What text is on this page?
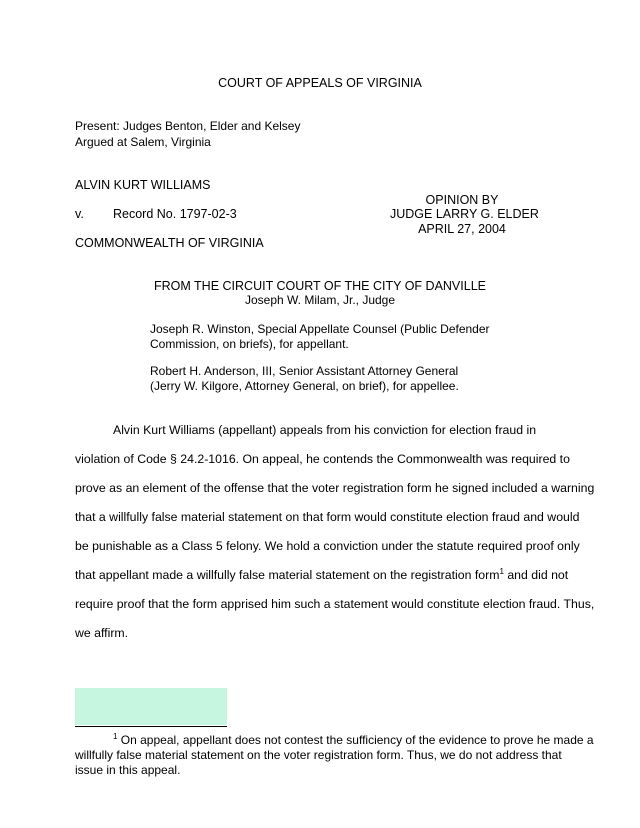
COURT OF APPEALS OF VIRGINIA
Present: Judges Benton, Elder and Kelsey
Argued at Salem, Virginia
ALVIN KURT WILLIAMS
OPINION BY
v. Record No. 1797-02-3	JUDGE LARRY G. ELDER
APRIL 27, 2004
COMMONWEALTH OF VIRGINIA
FROM THE CIRCUIT COURT OF THE CITY OF DANVILLE
Joseph W. Milam, Jr., Judge
Joseph R. Winston, Special Appellate Counsel (Public Defender
Commission, on briefs), for appellant.
Robert H. Anderson, III, Senior Assistant Attorney General
(Jerry W. Kilgore, Attorney General, on brief), for appellee.
Alvin Kurt Williams (appellant) appeals from his conviction for election fraud in
violation of Code § 24.2-1016. On appeal, he contends the Commonwealth was required to
prove as an element of the offense that the voter registration form he signed included a warning
that a willfully false material statement on that form would constitute election fraud and would
be punishable as a Class 5 felony. We hold a conviction under the statute required proof only
that appellant made a willfully false material statement on the registration form$^1$ and did not
require proof that the form apprised him such a statement would constitute election fraud. Thus,
we affirm.
$^1$ On appeal, appellant does not contest the sufficiency of the evidence to prove he made a
willfully false material statement on the voter registration form. Thus, we do not address that
issue in this appeal.
